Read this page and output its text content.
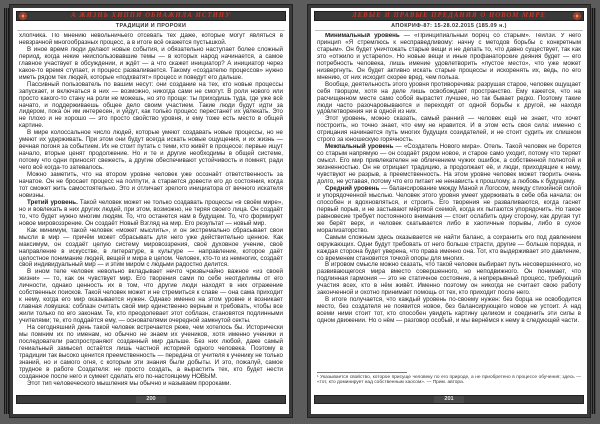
А ЖИЗНЬ ХИППИ ОБНАЖИЛА ИСТИНУ
ТРАДИЦИИ И ПРОРОКИ

хлопчика. По мнению невольничьего отсевать тех Даже, которые могут являться в невзрачной многообразных процесс, а в итоге всё окажется пустышкой.

В иное время люди делают новые события, и обязательно наступает более сложный период, когда некие неиспользовавшие темы — в которых народ начинается, а самое главное участвует в обсуждении, и ждёт — а что скажет инициатор? А инициатор через какое-то время ступает, и процесс разваливается. Такому «создателю процессов» нужно иметь рядом тех людей, которые «подхватят» процесс и поведут его дальше.

Пассивный пользователь по вашим несут: они создание на тех, кто новые процессы запускает, и включаться в них — возможно, никогда сами не смогут. В роли нового или просто какого-то стану на роли не можешь, но это проще: ты приходишь туда, где уже всё начато, и поддерживаешь общее дело своим участием. Такие люди будут идти за лидером, пока он им интересен, и уйдут, как только процесс перестанет их увлекать. Это не плохо и не хорошо — это просто свойство уровня, и ему тоже есть место в общей картине.

В мире колоссальное число людей, которые умеют создавать новые процессы, но не умеют их удерживать. При этом они будут всегда искать новые ощущения, и их жизнь — вечная погоня за событием. Их не стоит путать с теми, кто живёт в процессе: первые ищут начало, вторые ценят продолжение. Но и те и другие необходимы в общей системе, потому что одни приносят свежесть, а другие обеспечивают устойчивость и помнят, ради чего всё когда-то затевалось.

Можно заметить, что на втором уровне человек уже осознаёт ответственность за начатое. Он не бросает процесс на полпути, а старается довести его до состояния, когда тот сможет жить самостоятельно. Это и отличает зрелого инициатора от вечного искателя новизны.

Третий уровень. Такой человек может не только создавать процессы «в своём мире», но и вовлекать в них других людей, при этом, возможно, не теряя своего лица. Он создаёт то, что будет нужно многим людям. То, что останется нам в будущем. То, что формирует новое мировоззрение. Он создаёт Новый Взгляд на мир. Его результат — новый мир.

Как минимум, такой человек «может мыслить», и он экстремально сбрасывает свои мысли в мир — причём может сбрасывать для него уже действительно ценное. Как максимум, он создаёт целую систему мировоззрения, своё духовное учение, своё направление в искусстве, в литературе, в культуре — направление, которое даёт целостное понимание людей, вещей и мира в целом. Человек, кто-то из немногих, создаёт свой индивидуальный мир — и этим миром с людьми радостно делится.

В ином теле человек невольно вкладывает нечто чрезвычайно важное «из своей жизни» — то, как он чувствует мир. Его творения сами по себе неотделимы от его личности, однако ценность их в том, что другие люди находят в них отражение собственных поисков. Такой человек может и не стремиться к славе — она сама приходит к нему, когда его мир оказывается нужен. Однако именно на этом уровне и возникает главная ловушка: соблазн считать свой мир единственно верным и требовать, чтобы все жили только по его законам. Те, кто преодолевает этот соблазн, становятся подлинными учителями; те, кто поддаётся ему, — основателями очередной замкнутой секты.

На сегодняшний день такой человек встречается реже, чем хотелось бы. Исторически мы помним их по именам, но обычно не знаем их учеников, хотя именно ученики и последователи распространяют созданный мир дальше. Без них любой, даже самый гениальный замысел остаётся лишь частной историей одного человека. Поэтому в традиции так высоко ценится преемственность — передача от учителя к ученику не только знаний, но и самого огня, с которым эти знания были добыты. И это, пожалуй, самое трудное в работе Создателя: не просто создать, а вырастить тех, кто будет нести созданное после него и сумеет сделать его по-настоящему НОВЫМ.

Этот тип человеческого мышления мы обычно и называем пророками.

200
ЛЕВЫЕ И ПРАВЫЕ ПРЕДАНИЯ О НОВОМ МИРЕ
АПОКРИФ-87: 15-28.02.2015 (185.09 н.)

Минимальный уровень — «Принципиальный борец со старым». Тейлзи. У него принцип «Я стремлюсь к несправедливому: начну с методов борьбы с конкретным старым». Он будет уничтожать старые вещи и не делать то, что давно существует, так как это «отжило и устарело». Но новые вещи и иные профанаторские деяния будет — его потребность человека, лишь имение удовлетворить «пустое место», что уже может низвергнуть. Он будет активно искать старые процессы и искоренять их, ведь, по его мнению, от них исходит скорее вред, чем польза.

Вообще, деятельность этого уровня противоречива: разрушая старое, человек ощущает себя творцом, хотя на деле лишь освобождает пространство. Ему кажется, что на расчищенном месте само собой вырастет лучшее, но так бывает редко. Поэтому такие люди часто разочаровываются и переходят от одной борьбы к другой, не находя удовлетворения ни в одной из них.

Этот уровень, можно сказать, самый ранний — человек ещё не знает, что хочет построить, но точно знает, что ему не нравится. И в этом есть своя сила: именно с отрицания начинается путь многих будущих созидателей, и не стоит судить их слишком строго за юношескую горячность.

Межпальный уровень — «Создатель Нового мира». Отель. Такой человек не борется со старым напрямую — он создаёт рядом новое, и старое само уходит, потому что теряет смысл. Его мир привлекателен не обличением чужих ошибок, а собственной полнотой и жизненностью. Он не отрицает традицию, а продолжает её, и люди, приходящие к нему, чувствуют не разрыв, а преемственность. На этом уровне человек может творить очень долго, не уставая, потому что его питает не ненависть к прошлому, а любовь к будущему.

Средний уровень — балансирование между Маной и Логосом, между стихийной силой и упорядоченной мыслью. Человек этого уровня умеет удерживать в себе оба начала: он способен и вдохновляться, и строить. Его творения не разваливаются, когда гаснет первый порыв, и не застывают мёртвой схемой, когда их пытаются упорядочить. Но такое равновесие требует постоянного внимания — стоит ослабить одну сторону, как другая тут же берёт верх, и человек скатывается либо в хаотичные порывы, либо в сухое морализаторство.

Самым сложным здесь оказывается не найти баланс, а сохранить его под давлением окружающих. Одни будут требовать от него больше страсти, другие — больше порядка, и каждая сторона будет уверена, что права именно она. Тот, кто выдерживает это давление, со временем становится точкой опоры для многих.

В игровом смысле можно сказать, что такой человек выбирает путь несовершенного, но развивающегося мира вместо совершенного, но неподвижного. Он понимает, что подлинная гармония — это не статичное состояние, а непрерывный процесс, требующий участия всех, кто в нём живёт. Именно поэтому он никогда не считает свою работу законченной и охотно принимает помощь от тех, кто приходит после него.

В итоге получается, что каждый уровень по-своему нужен: без борца не освободится место, без создателя не появится новое, без балансирующего новое не устоит. А над всеми ними стоит тот, кто способен увидеть картину целиком и соединить эти силы в одном движении. Но о нём — разговор особый, и мы вернёмся к нему в следующей части.

¹ Указывается свойство, которое присуще человеку по его природе, а не приобретено в процессе обучения; здесь — «тот, кто доминирует над собственным хаосом». — Прим. автора.
201
